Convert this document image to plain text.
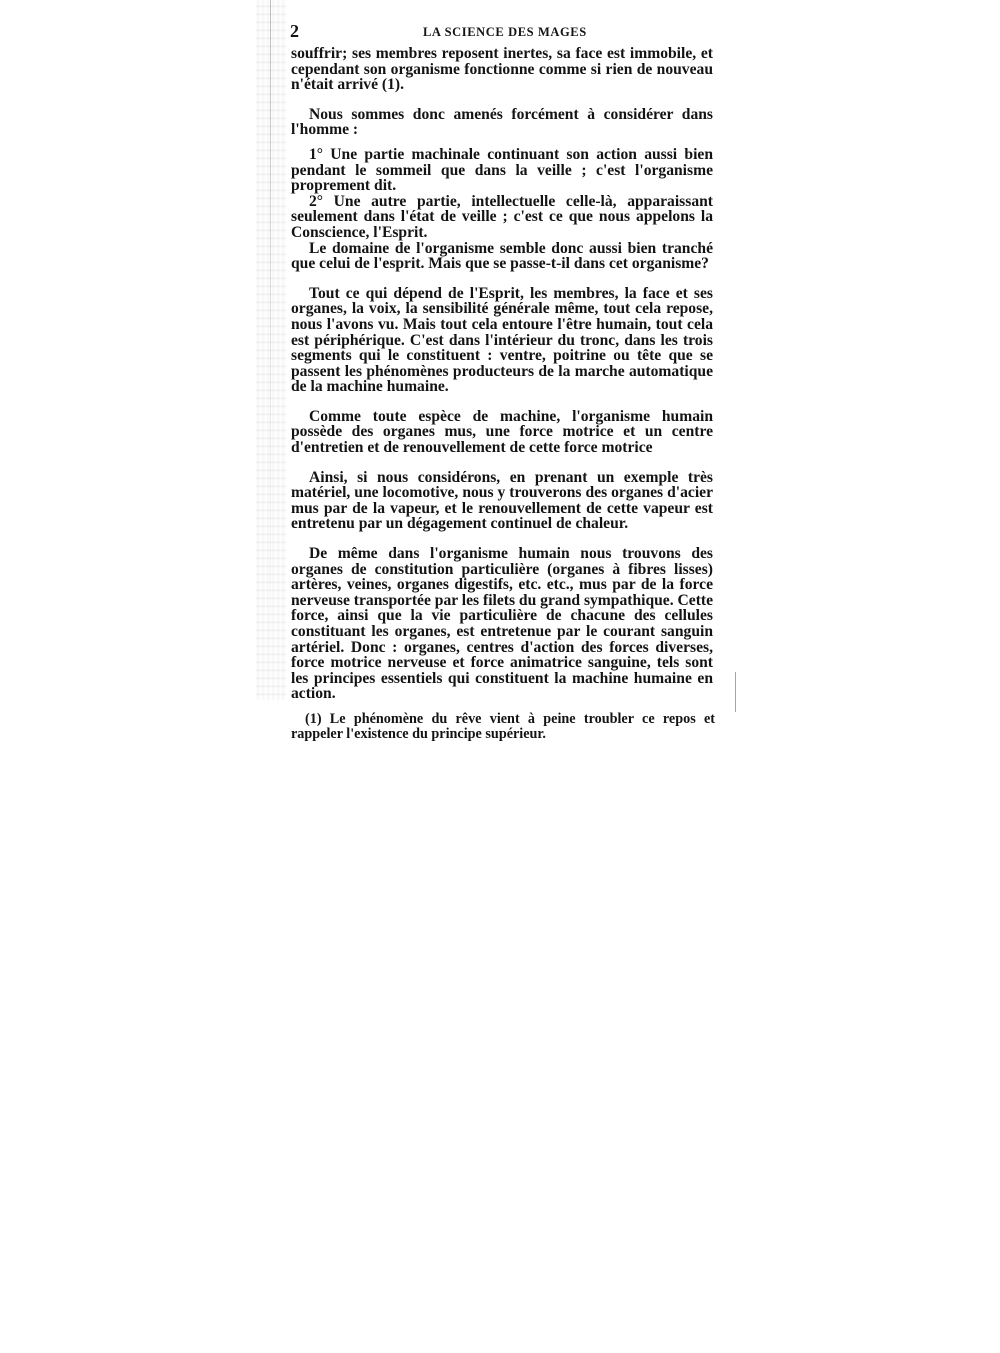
2	LA SCIENCE DES MAGES

souffrir; ses membres reposent inertes, sa face est immobile, et cependant son organisme fonctionne comme si rien de nouveau n'était arrivé (1).

Nous sommes donc amenés forcément à considérer dans l'homme :

1° Une partie machinale continuant son action aussi bien pendant le sommeil que dans la veille ; c'est l'organisme proprement dit.

2° Une autre partie, intellectuelle celle-là, apparaissant seulement dans l'état de veille ; c'est ce que nous appelons la Conscience, l'Esprit.

Le domaine de l'organisme semble donc aussi bien tranché que celui de l'esprit. Mais que se passe-t-il dans cet organisme?

Tout ce qui dépend de l'Esprit, les membres, la face et ses organes, la voix, la sensibilité générale même, tout cela repose, nous l'avons vu. Mais tout cela entoure l'être humain, tout cela est périphérique. C'est dans l'intérieur du tronc, dans les trois segments qui le constituent : ventre, poitrine ou tête que se passent les phénomènes producteurs de la marche automatique de la machine humaine.

Comme toute espèce de machine, l'organisme humain possède des organes mus, une force motrice et un centre d'entretien et de renouvellement de cette force motrice

Ainsi, si nous considérons, en prenant un exemple très matériel, une locomotive, nous y trouverons des organes d'acier mus par de la vapeur, et le renouvellement de cette vapeur est entretenu par un dégagement continuel de chaleur.

De même dans l'organisme humain nous trouvons des organes de constitution particulière (organes à fibres lisses) artères, veines, organes digestifs, etc. etc., mus par de la force nerveuse transportée par les filets du grand sympathique. Cette force, ainsi que la vie particulière de chacune des cellules constituant les organes, est entretenue par le courant sanguin artériel. Donc : organes, centres d'action des forces diverses, force motrice nerveuse et force animatrice sanguine, tels sont les principes essentiels qui constituent la machine humaine en action.

(1) Le phénomène du rêve vient à peine troubler ce repos et rappeler l'existence du principe supérieur.
